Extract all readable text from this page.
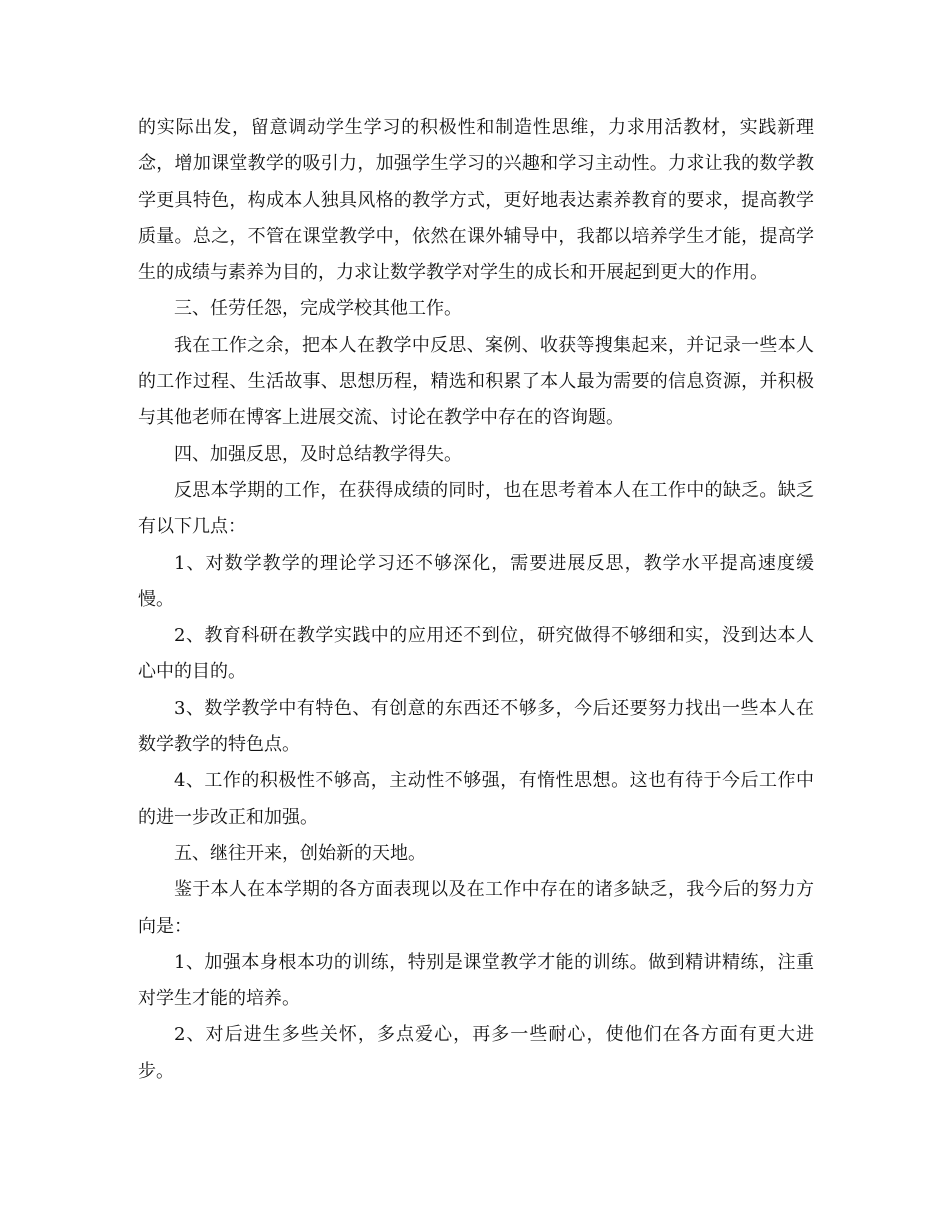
的实际出发，留意调动学生学习的积极性和制造性思维，力求用活教材，实践新理念，增加课堂教学的吸引力，加强学生学习的兴趣和学习主动性。力求让我的数学教学更具特色，构成本人独具风格的教学方式，更好地表达素养教育的要求，提高教学质量。总之，不管在课堂教学中，依然在课外辅导中，我都以培养学生才能，提高学生的成绩与素养为目的，力求让数学教学对学生的成长和开展起到更大的作用。

三、任劳任怨，完成学校其他工作。

我在工作之余，把本人在教学中反思、案例、收获等搜集起来，并记录一些本人的工作过程、生活故事、思想历程，精选和积累了本人最为需要的信息资源，并积极与其他老师在博客上进展交流、讨论在教学中存在的咨询题。

四、加强反思，及时总结教学得失。

反思本学期的工作，在获得成绩的同时，也在思考着本人在工作中的缺乏。缺乏有以下几点：

1、对数学教学的理论学习还不够深化，需要进展反思，教学水平提高速度缓慢。

2、教育科研在教学实践中的应用还不到位，研究做得不够细和实，没到达本人心中的目的。

3、数学教学中有特色、有创意的东西还不够多，今后还要努力找出一些本人在数学教学的特色点。

4、工作的积极性不够高，主动性不够强，有惰性思想。这也有待于今后工作中的进一步改正和加强。

五、继往开来，创始新的天地。

鉴于本人在本学期的各方面表现以及在工作中存在的诸多缺乏，我今后的努力方向是：

1、加强本身根本功的训练，特别是课堂教学才能的训练。做到精讲精练，注重对学生才能的培养。

2、对后进生多些关怀，多点爱心，再多一些耐心，使他们在各方面有更大进步。
